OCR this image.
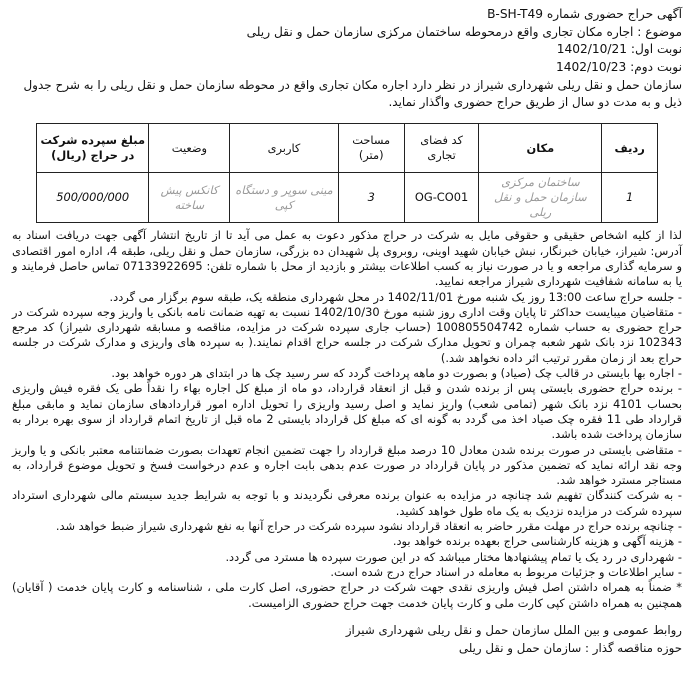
آگهی حراج حضوری شماره B-SH-T49
موضوع : اجاره مکان تجاری واقع درمحوطه ساختمان مرکزی سازمان حمل و نقل ریلی
نوبت اول: 1402/10/21
نوبت دوم: 1402/10/23
سازمان حمل و نقل ریلی شهرداری شیراز در نظر دارد اجاره مکان تجاری واقع در محوطه سازمان حمل و نقل ریلی را به شرح جدول ذیل و به مدت دو سال از طریق حراج حضوری واگذار نماید.
ردیف	مکان	کد فضای تجاری	مساحت (متر)	کاربری	وضعیت	مبلغ سپرده شرکت در حراج (ریال)
1	ساختمان مرکزی سازمان حمل و نقل ریلی	OG-CO01	3	مینی سوپر و دستگاه کپی	کانکس پیش ساخته	500/000/000

لذا از کلیه اشخاص حقیقی و حقوقی مایل به شرکت در حراج مذکور دعوت به عمل می آید تا از تاریخ انتشار آگهی جهت دریافت اسناد به آدرس: شیراز، خیابان خبرنگار، نبش خیابان شهید اوینی، روبروی پل شهیدان ده بزرگی، سازمان حمل و نقل ریلی، طبقه 4، اداره امور اقتصادی و سرمایه گذاری مراجعه و یا در صورت نیاز به کسب اطلاعات بیشتر و بازدید از محل با شماره تلفن: 07133922695 تماس حاصل فرمایند و یا به سامانه شفافیت شهرداری شیراز مراجعه نمایید.

- جلسه حراج ساعت 13:00 روز یک شنبه مورخ 1402/11/01 در محل شهرداری منطقه یک، طبقه سوم برگزار می گردد.

- متقاضیان میبایست حداکثر تا پایان وقت اداری روز شنبه مورخ 1402/10/30 نسبت به تهیه ضمانت نامه بانکی یا واریز وجه سپرده شرکت در حراج حضوری به حساب شماره 100805504742 (حساب جاری سپرده شرکت در مزایده، مناقصه و مسابقه شهرداری شیراز) کد مرجع 102343 نزد بانک شهر شعبه چمران و تحویل مدارک شرکت در جلسه حراج اقدام نمایند.( به سپرده های واریزی و مدارک شرکت در جلسه حراج بعد از زمان مقرر ترتیب اثر داده نخواهد شد.)

- اجاره بها بایستی در قالب چک (صیاد) و بصورت دو ماهه پرداخت گردد که سر رسید چک ها در ابتدای هر دوره خواهد بود.

- برنده حراج حضوری بایستی پس از برنده شدن و قبل از انعقاد قرارداد، دو ماه از مبلغ کل اجاره بهاء را نقداً طی یک فقره فیش واریزی بحساب 4101 نزد بانک شهر (تمامی شعب) واریز نماید و اصل رسید واریزی را تحویل اداره امور قراردادهای سازمان نماید و مابقی مبلغ قرارداد طی 11 فقره چک صیاد اخذ می گردد به گونه ای که مبلغ کل قرارداد بایستی 2 ماه قبل از تاریخ اتمام قرارداد از سوی بهره بردار به سازمان پرداخت شده باشد.

- متقاضی بایستی در صورت برنده شدن معادل 10 درصد مبلغ قرارداد را جهت تضمین انجام تعهدات بصورت ضمانتنامه معتبر بانکی و یا واریز وجه نقد ارائه نماید که تضمین مذکور در پایان قرارداد در صورت عدم بدهی بابت اجاره و عدم درخواست فسخ و تحویل موضوع قرارداد، به مستاجر مسترد خواهد شد.

- به شرکت کنندگان تفهیم شد چنانچه در مزایده به عنوان برنده معرفی نگردیدند و با توجه به شرایط جدید سیستم مالی شهرداری استرداد سپرده شرکت در مزایده نزدیک به یک ماه طول خواهد کشید.

- چنانچه برنده حراج در مهلت مقرر حاضر به انعقاد قرارداد نشود سپرده شرکت در حراج آنها به نفع شهرداری شیراز ضبط خواهد شد.

- هزینه آگهی و هزینه کارشناسی حراج بعهده برنده خواهد بود.

- شهرداری در رد یک یا تمام پیشنهادها مختار میباشد که در این صورت سپرده ها مسترد می گردد.

- سایر اطلاعات و جزئیات مربوط به معامله در اسناد حراج درج شده است.

* ضمناً به همراه داشتن اصل فیش واریزی نقدی جهت شرکت در حراج حضوری، اصل کارت ملی ، شناسنامه و کارت پایان خدمت ( آقایان) همچنین به همراه داشتن کپی کارت ملی و کارت پایان خدمت جهت حراج حضوری الزامیست.

روابط عمومی و بین الملل سازمان حمل و نقل ریلی شهرداری شیراز
حوزه مناقصه گذار : سازمان حمل و نقل ریلی
